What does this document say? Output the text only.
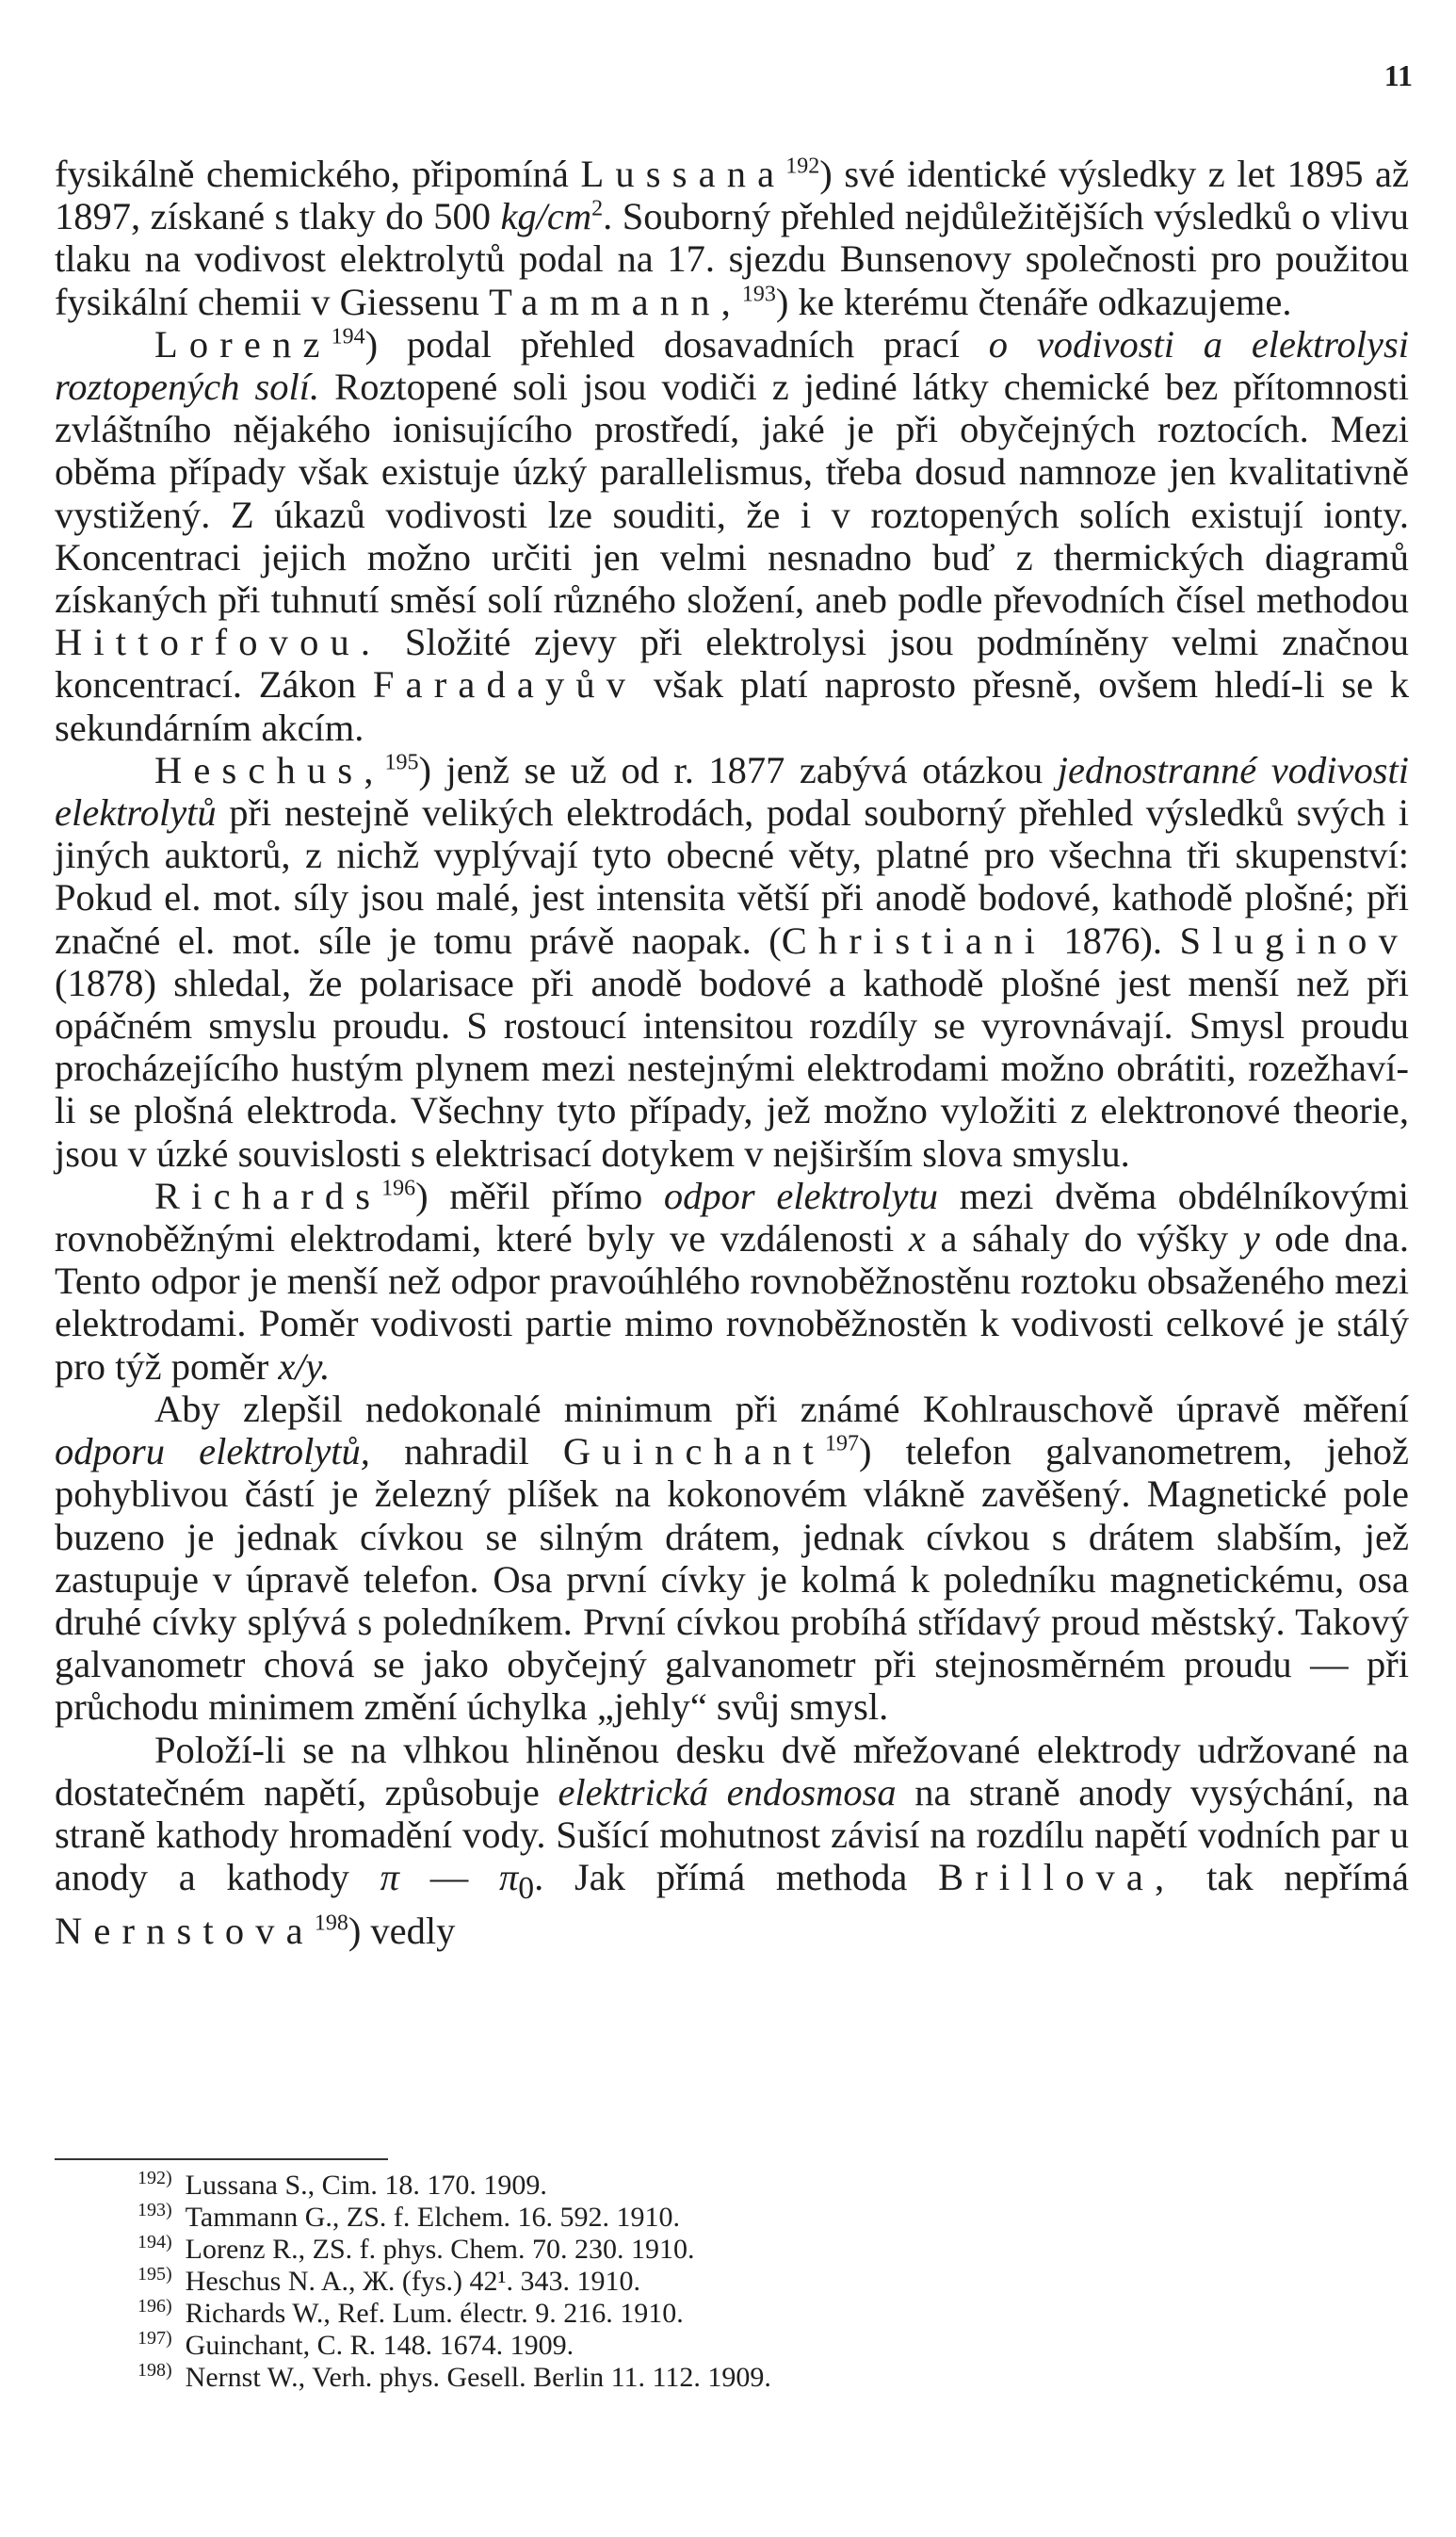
11

fysikálně chemického, připomíná Lussana$^{192}$) své identické výsledky z let 1895 až 1897, získané s tlaky do 500 $kg/cm^2$. Souborný přehled nejdůležitějších výsledků o vlivu tlaku na vodivost elektrolytů podal na 17. sjezdu Bunsenovy společnosti pro použitou fysikální chemii v Giessenu Tammann,$^{193}$) ke kterému čtenáře odkazujeme.

Lorenz$^{194}$) podal přehled dosavadních prací o vodivosti a elektrolysi roztopených solí. Roztopené soli jsou vodiči z jediné látky chemické bez přítomnosti zvláštního nějakého ionisujícího prostředí, jaké je při obyčejných roztocích. Mezi oběma případy však existuje úzký parallelismus, třeba dosud namnoze jen kvalitativně vystižený. Z úkazů vodivosti lze souditi, že i v roztopených solích existují ionty. Koncentraci jejich možno určiti jen velmi nesnadno buď z thermických diagramů získaných při tuhnutí směsí solí různého složení, aneb podle převodních čísel methodou Hittorfovou. Složité zjevy při elektrolysi jsou podmíněny velmi značnou koncentrací. Zákon Faradayův však platí naprosto přesně, ovšem hledí-li se k sekundárním akcím.

Heschus,$^{195}$) jenž se už od r. 1877 zabývá otázkou jednostranné vodivosti elektrolytů při nestejně velikých elektrodách, podal souborný přehled výsledků svých i jiných auktorů, z nichž vyplývají tyto obecné věty, platné pro všechna tři skupenství: Pokud el. mot. síly jsou malé, jest intensita větší při anodě bodové, kathodě plošné; při značné el. mot. síle je tomu právě naopak. (Christiani 1876). Sluginov (1878) shledal, že polarisace při anodě bodové a kathodě plošné jest menší než při opáčném smyslu proudu. S rostoucí intensitou rozdíly se vyrovnávají. Smysl proudu procházejícího hustým plynem mezi nestejnými elektrodami možno obrátiti, rozežhaví-li se plošná elektroda. Všechny tyto případy, jež možno vyložiti z elektronové theorie, jsou v úzké souvislosti s elektrisací dotykem v nejširším slova smyslu.

Richards$^{196}$) měřil přímo odpor elektrolytu mezi dvěma obdélníkovými rovnoběžnými elektrodami, které byly ve vzdálenosti x a sáhaly do výšky y ode dna. Tento odpor je menší než odpor pravoúhlého rovnoběžnostěnu roztoku obsaženého mezi elektrodami. Poměr vodivosti partie mimo rovnoběžnostěn k vodivosti celkové je stálý pro týž poměr x/y.

Aby zlepšil nedokonalé minimum při známé Kohlrauschově úpravě měření odporu elektrolytů, nahradil Guinchant$^{197}$) telefon galvanometrem, jehož pohyblivou částí je železný plíšek na kokonovém vlákně zavěšený. Magnetické pole buzeno je jednak cívkou se silným drátem, jednak cívkou s drátem slabším, jež zastupuje v úpravě telefon. Osa první cívky je kolmá k poledníku magnetickému, osa druhé cívky splývá s poledníkem. První cívkou probíhá střídavý proud městský. Takový galvanometr chová se jako obyčejný galvanometr při stejnosměrném proudu — při průchodu minimem změní úchylka „jehly“ svůj smysl.

Položí-li se na vlhkou hliněnou desku dvě mřežované elektrody udržované na dostatečném napětí, způsobuje elektrická endosmosa na straně anody vysýchání, na straně kathody hromadění vody. Sušící mohutnost závisí na rozdílu napětí vodních par u anody a kathody π — $\pi_0$. Jak přímá methoda Brillova, tak nepřímá Nernstova$^{198}$) vedly

$^{192)}$ Lussana S., Cim. 18. 170. 1909.
$^{193)}$ Tammann G., ZS. f. Elchem. 16. 592. 1910.
$^{194)}$ Lorenz R., ZS. f. phys. Chem. 70. 230. 1910.
$^{195)}$ Heschus N. A., Ж. (fys.) 42¹. 343. 1910.
$^{196)}$ Richards W., Ref. Lum. électr. 9. 216. 1910.
$^{197)}$ Guinchant, C. R. 148. 1674. 1909.
$^{198)}$ Nernst W., Verh. phys. Gesell. Berlin 11. 112. 1909.
